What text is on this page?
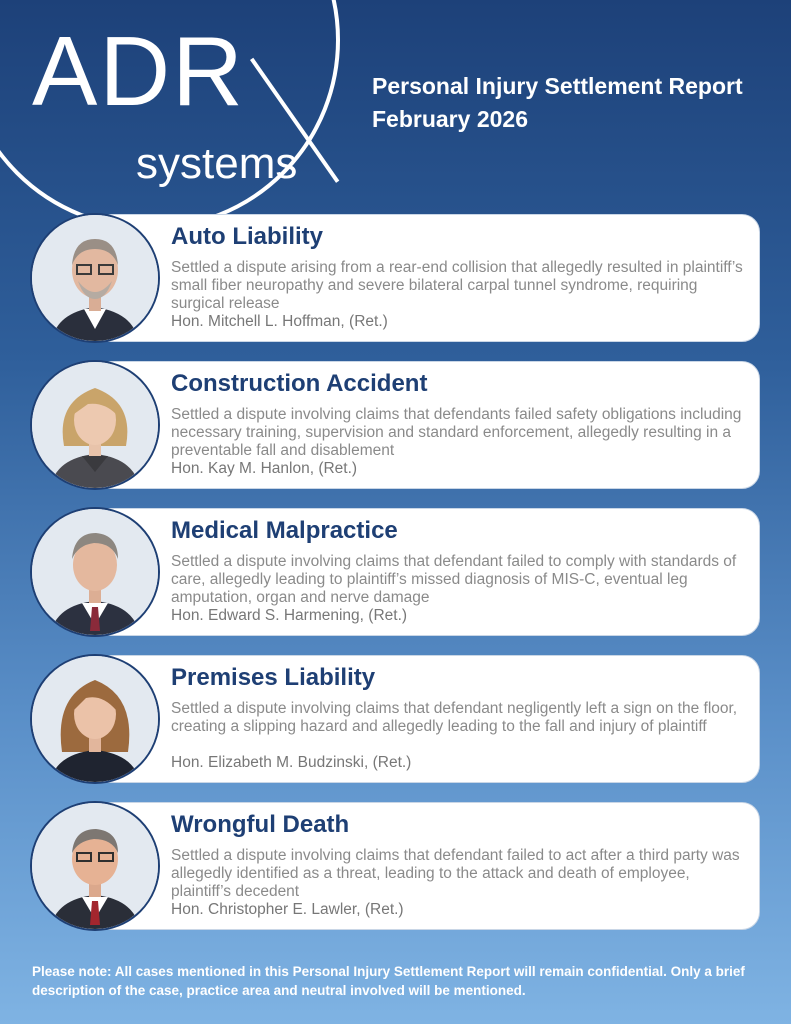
ADR
systems
Personal Injury Settlement Report
February 2026
Auto Liability
Settled a dispute arising from a rear-end collision that allegedly resulted in plaintiff’s small fiber neuropathy and severe bilateral carpal tunnel syndrome, requiring surgical release
Hon. Mitchell L. Hoffman, (Ret.)
Construction Accident
Settled a dispute involving claims that defendants failed safety obligations including necessary training, supervision and standard enforcement, allegedly resulting in a preventable fall and disablement
Hon. Kay M. Hanlon, (Ret.)
Medical Malpractice
Settled a dispute involving claims that defendant failed to comply with standards of care, allegedly leading to plaintiff’s missed diagnosis of MIS-C, eventual leg amputation, organ and nerve damage
Hon. Edward S. Harmening, (Ret.)
Premises Liability
Settled a dispute involving claims that defendant negligently left a sign on the floor, creating a slipping hazard and allegedly leading to the fall and injury of plaintiff
Hon. Elizabeth M. Budzinski, (Ret.)
Wrongful Death
Settled a dispute involving claims that defendant failed to act after a third party was allegedly identified as a threat, leading to the attack and death of employee, plaintiff’s decedent
Hon. Christopher E. Lawler, (Ret.)
Please note: All cases mentioned in this Personal Injury Settlement Report will remain confidential. Only a brief description of the case, practice area and neutral involved will be mentioned.
